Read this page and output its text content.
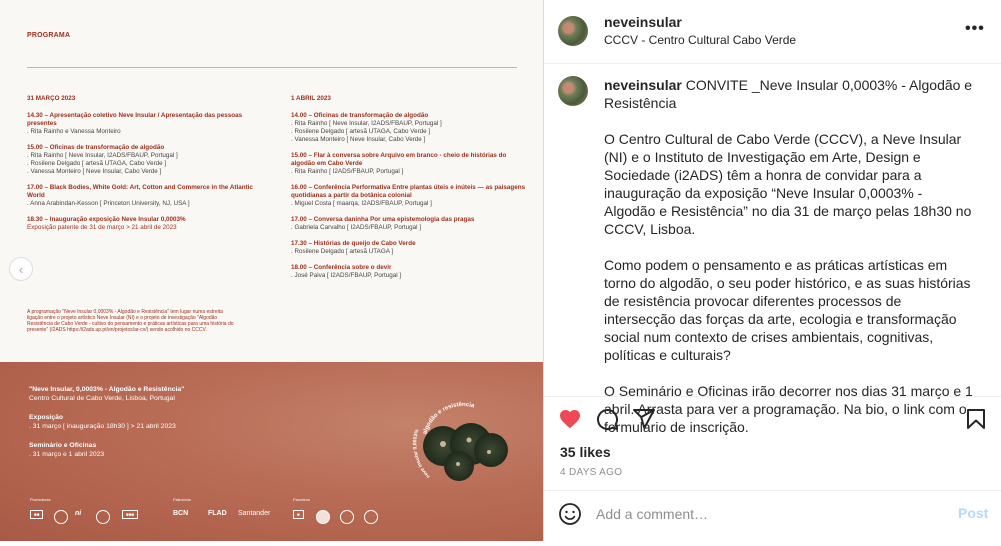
PROGRAMA
31 MARÇO 2023
14.30 – Apresentação coletivo Neve Insular / Apresentação das pessoas presentes
. Rita Rainho e Vanessa Monteiro
15.00 – Oficinas de transformação de algodão
. Rita Rainho [ Neve Insular, I2ADS/FBAUP, Portugal ]
. Rosilene Delgado [ artesã UTAGA, Cabo Verde ]
. Vanessa Monteiro [ Neve Insular, Cabo Verde ]
17.00 – Black Bodies, White Gold: Art, Cotton and Commerce in the Atlantic World
. Anna Arabindan-Kesson [ Princeton University, NJ, USA ]
18.30 – Inauguração exposição Neve Insular 0,0003%
Exposição patente de 31 de março > 21 abril de 2023
1 ABRIL 2023
14.00 – Oficinas de transformação de algodão
. Rita Rainho [ Neve Insular, I2ADS/FBAUP, Portugal ]
. Rosilene Delgado [ artesã UTAGA, Cabo Verde ]
. Vanessa Monteiro [ Neve Insular, Cabo Verde ]
15.00 – Flar à conversa sobre Arquivo em branco - cheio de histórias do algodão em Cabo Verde
. Rita Rainho [ I2ADS/FBAUP, Portugal ]
16.00 – Conferência Performativa Entre plantas úteis e inúteis — as paisagens quotidianas a partir da botânica colonial
. Miguel Costa [ maarqa, I2ADS/FBAUP, Portugal ]
17.00 – Conversa daninha Por uma epistemologia das pragas
. Gabriela Carvalho [ I2ADS/FBAUP, Portugal ]
17.30 – Histórias de queijo de Cabo Verde
. Rosilene Delgado [ artesã UTAGA ]
18.00 – Conferência sobre o devir
. José Paiva [ I2ADS/FBAUP, Portugal ]
A programação "Neve Insular 0,0003% - Algodão e Resistência" tem lugar numa estreita ligação entre o projeto artístico Neve Insular (NI) e o projeto de investigação "Algodão Resistência de Cabo Verde - cultivo do pensamento e práticas artísticas para uma história do presente" (I2ADS https://i2ads.up.pt/en/projetos/ar-cv/) sendo acolhido no CCCV.
‹
"Neve Insular, 0,0003% - Algodão e Resistência"
Centro Cultural de Cabo Verde, Lisboa, Portugal
Exposição
. 31 março [ inauguração 18h30 ] > 21 abril 2023
Seminário e Oficinas
. 31 março e 1 abril 2023
algodão e resistência
neve insular 0,0003%
Promotores	Patrocínio	Parceiros
■■	ni	■■■	BCN	FLAD Santander	■
neveinsular
CCCV - Centro Cultural Cabo Verde
•••

neveinsular CONVITE _Neve Insular 0,0003% - Algodão e Resistência

O Centro Cultural de Cabo Verde (CCCV), a Neve Insular (NI) e o Instituto de Investigação em Arte, Design e Sociedade (i2ADS) têm a honra de convidar para a inauguração da exposição “Neve Insular 0,0003% - Algodão e Resistência” no dia 31 de março pelas 18h30 no CCCV, Lisboa.

Como podem o pensamento e as práticas artísticas em torno do algodão, o seu poder histórico, e as suas histórias de resistência provocar diferentes processos de intersecção das forças da arte, ecologia e transformação social num contexto de crises ambientais, cognitivas, políticas e culturais?

O Seminário e Oficinas irão decorrer nos dias 31 março e 1 abril. Arrasta para ver a programação. Na bio, o link com o formulário de inscrição.

35 likes
4 DAYS AGO
Add a comment…
Post
